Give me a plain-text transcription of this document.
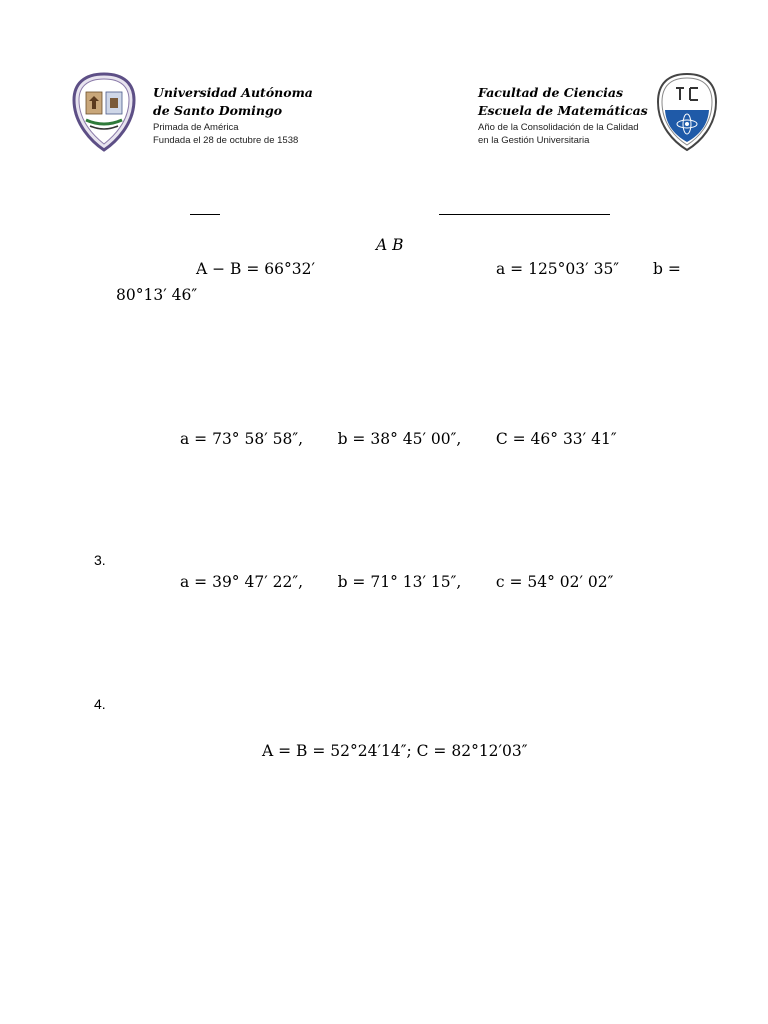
Universidad Autónoma
de Santo Domingo
Primada de América
Fundada el 28 de octubre de 1538
Facultad de Ciencias
Escuela de Matemáticas
Año de la Consolidación de la Calidad
en la Gestión Universitaria
A B
A − B = 66°32′	a = 125°03′ 35″ b =
80°13′ 46″
a = 73° 58′ 58″,       b = 38° 45′ 00″,       C = 46° 33′ 41″
3.
a = 39° 47′ 22″,       b = 71° 13′ 15″,       c = 54° 02′ 02″
4.
A = B = 52°24′14″; C = 82°12′03″
